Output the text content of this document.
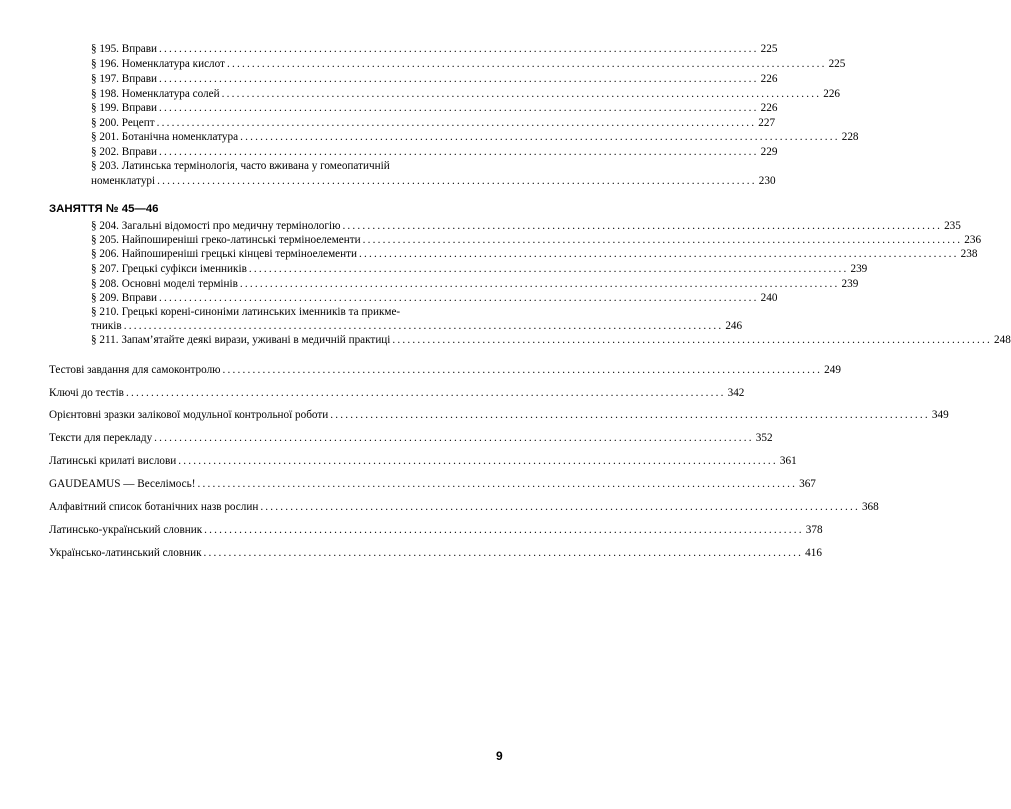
§ 195. Вправи ........................................................................................................................ 225
§ 196. Номенклатура кислот ........................................................................................................................ 225
§ 197. Вправи ........................................................................................................................ 226
§ 198. Номенклатура солей ........................................................................................................................ 226
§ 199. Вправи ........................................................................................................................ 226
§ 200. Рецепт ........................................................................................................................ 227
§ 201. Ботанічна номенклатура ........................................................................................................................ 228
§ 202. Вправи ........................................................................................................................ 229
§ 203. Латинська термінологія, часто вживана у гомеопатичній
номенклатурі ........................................................................................................................ 230
ЗАНЯТТЯ № 45—46
§ 204. Загальні відомості про медичну термінологію ........................................................................................................................ 235
§ 205. Найпоширеніші греко-латинські терміноелементи ........................................................................................................................ 236
§ 206. Найпоширеніші грецькі кінцеві терміноелементи ........................................................................................................................ 238
§ 207. Грецькі суфікси іменників ........................................................................................................................ 239
§ 208. Основні моделі термінів ........................................................................................................................ 239
§ 209. Вправи ........................................................................................................................ 240
§ 210. Грецькі корені-синоніми латинських іменників та прикме-
тників ........................................................................................................................ 246
§ 211. Запам’ятайте деякі вирази, уживані в медичній практиці ........................................................................................................................ 248
Тестові завдання для самоконтролю ........................................................................................................................ 249
Ключі до тестів ........................................................................................................................ 342
Орієнтовні зразки залікової модульної контрольної роботи ........................................................................................................................ 349
Тексти для перекладу ........................................................................................................................ 352
Латинські крилаті вислови ........................................................................................................................ 361
GAUDEAMUS — Веселімось! ........................................................................................................................ 367
Алфавітний список ботанічних назв рослин ........................................................................................................................ 368
Латинсько-український словник ........................................................................................................................ 378
Українсько-латинський словник ........................................................................................................................ 416
9
